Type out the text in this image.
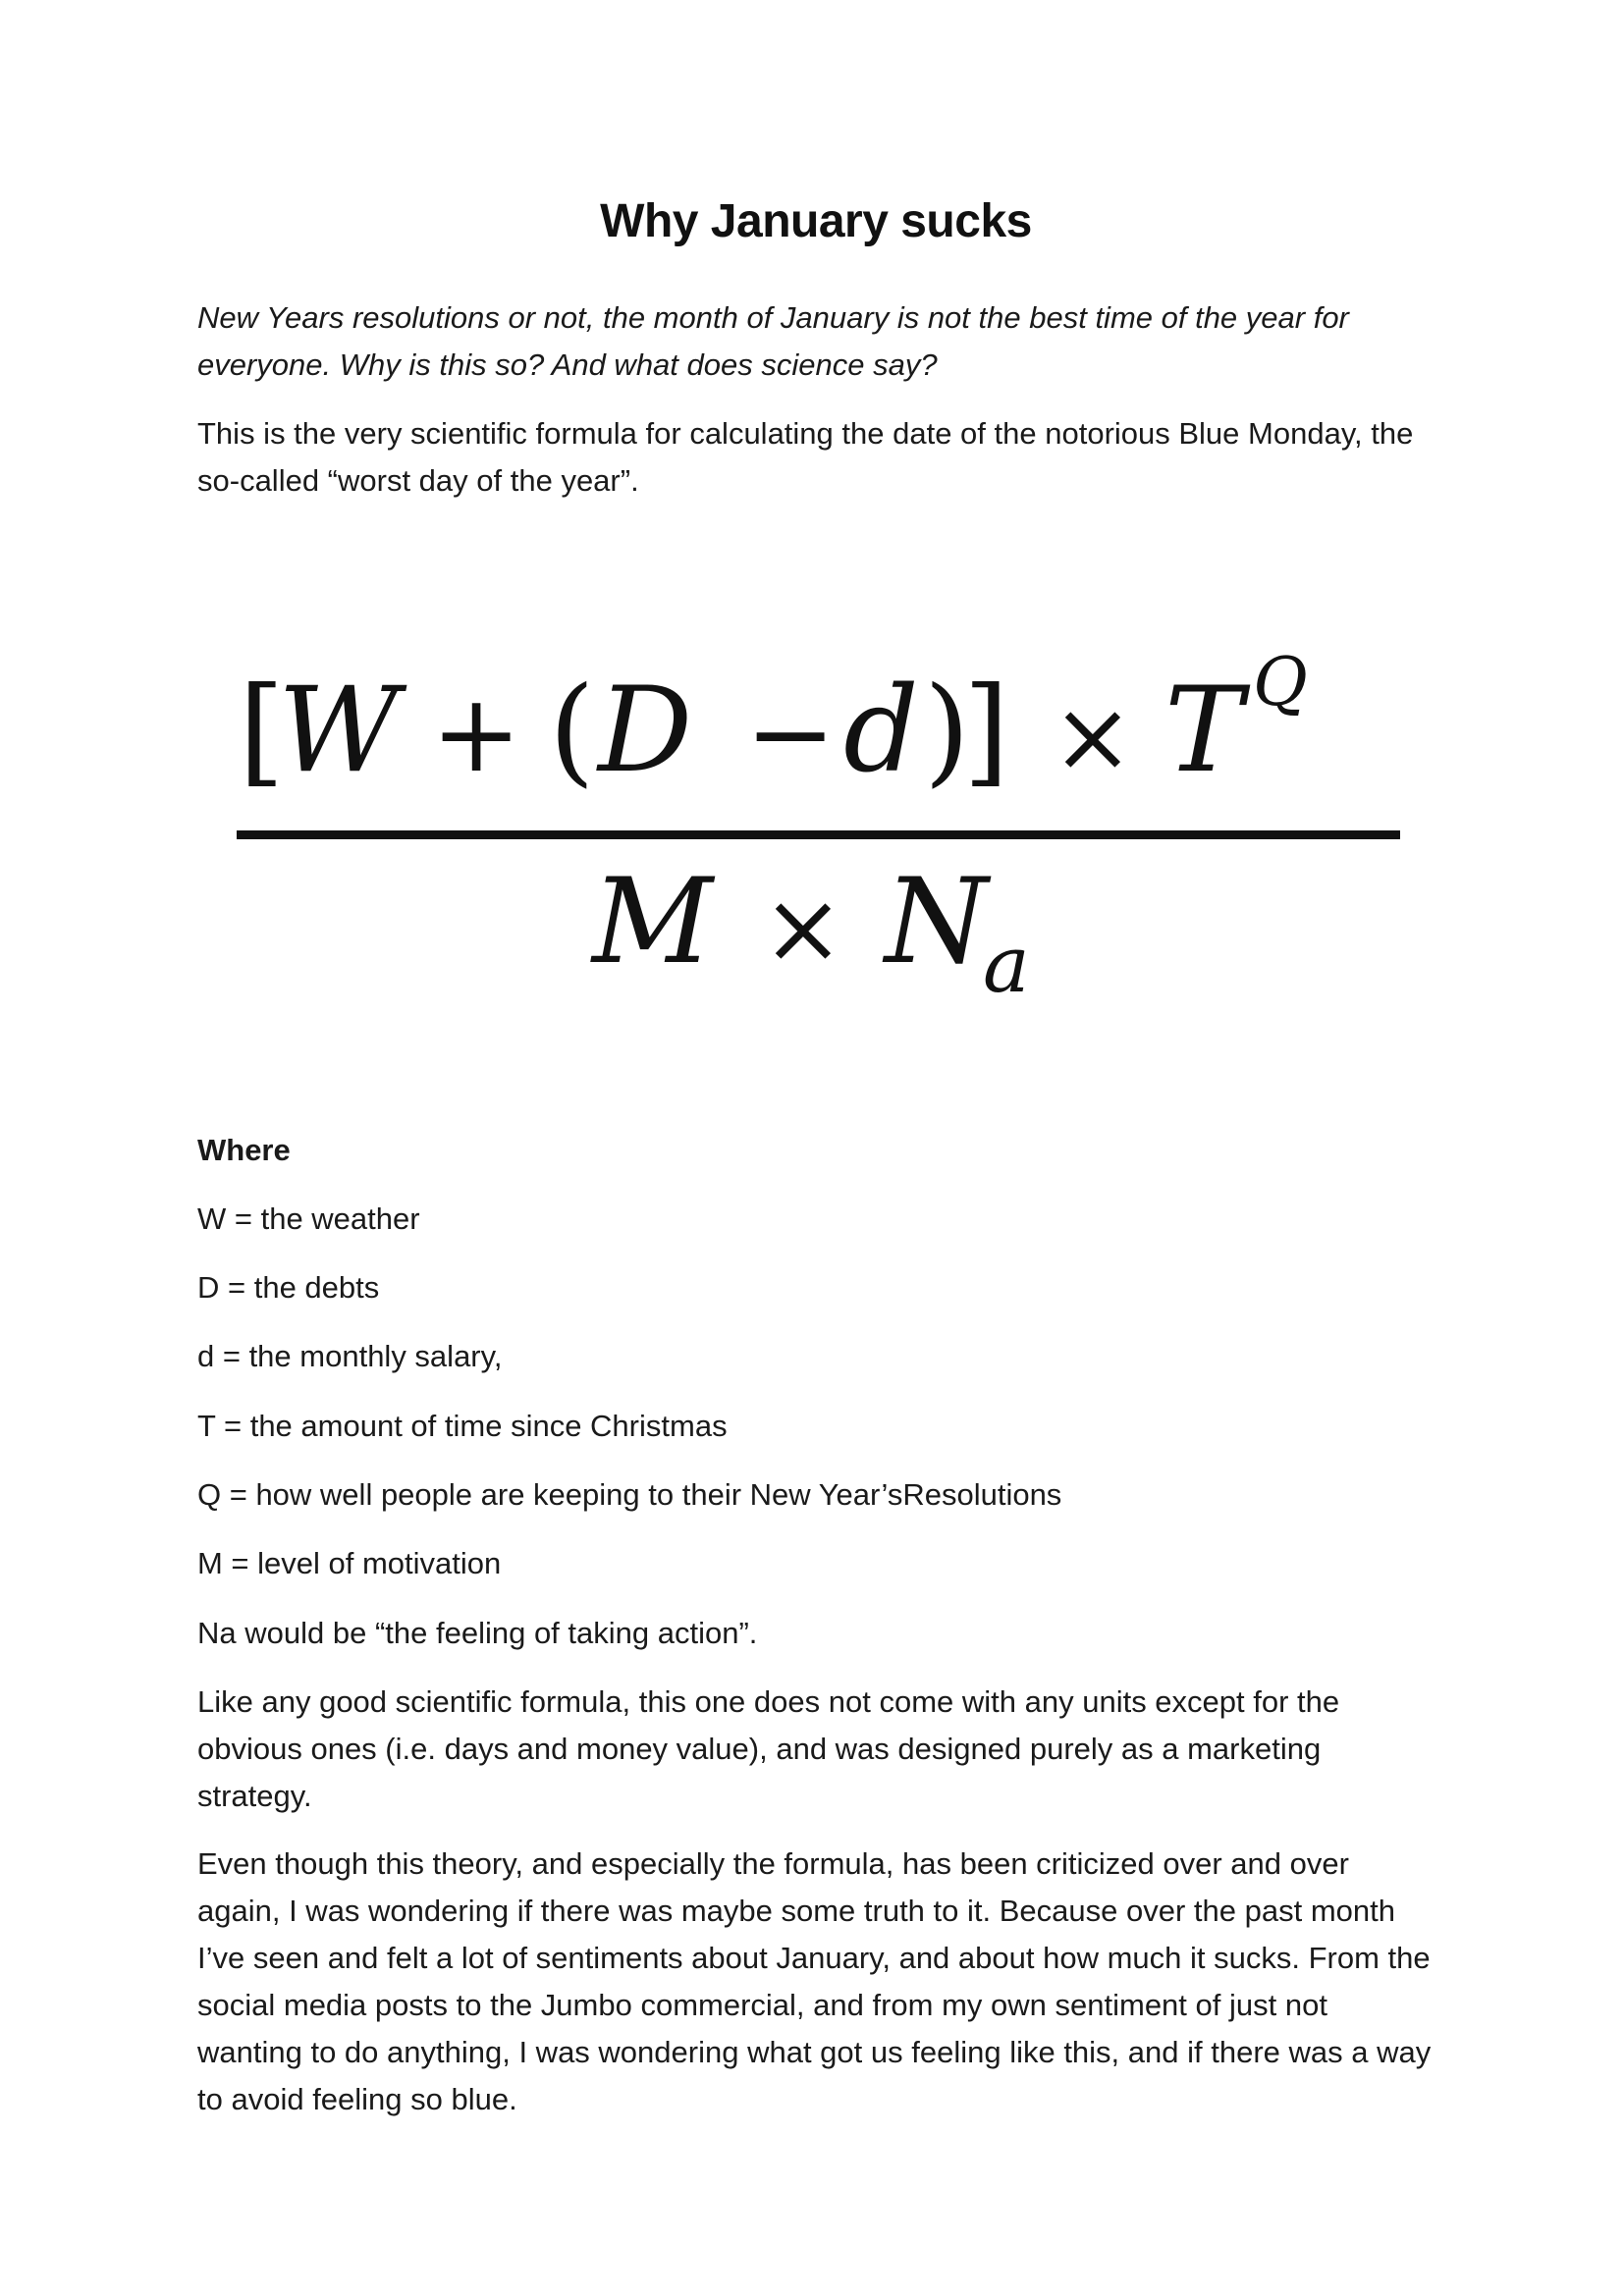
Why January sucks

New Years resolutions or not, the month of January is not the best time of the year for everyone. Why is this so? And what does science say?

This is the very scientific formula for calculating the date of the notorious Blue Monday, the so-called “worst day of the year”.

[
W + ( D − d )
] × T Q
M × N
a

Where

W = the weather

D = the debts

d = the monthly salary,

T = the amount of time since Christmas

Q = how well people are keeping to their New Year’sResolutions

M = level of motivation

Na would be “the feeling of taking action”.

Like any good scientific formula, this one does not come with any units except for the obvious ones (i.e. days and money value), and was designed purely as a marketing strategy.

Even though this theory, and especially the formula, has been criticized over and over again, I was wondering if there was maybe some truth to it. Because over the past month I’ve seen and felt a lot of sentiments about January, and about how much it sucks. From the social media posts to the Jumbo commercial, and from my own sentiment of just not wanting to do anything, I was wondering what got us feeling like this, and if there was a way to avoid feeling so blue.
